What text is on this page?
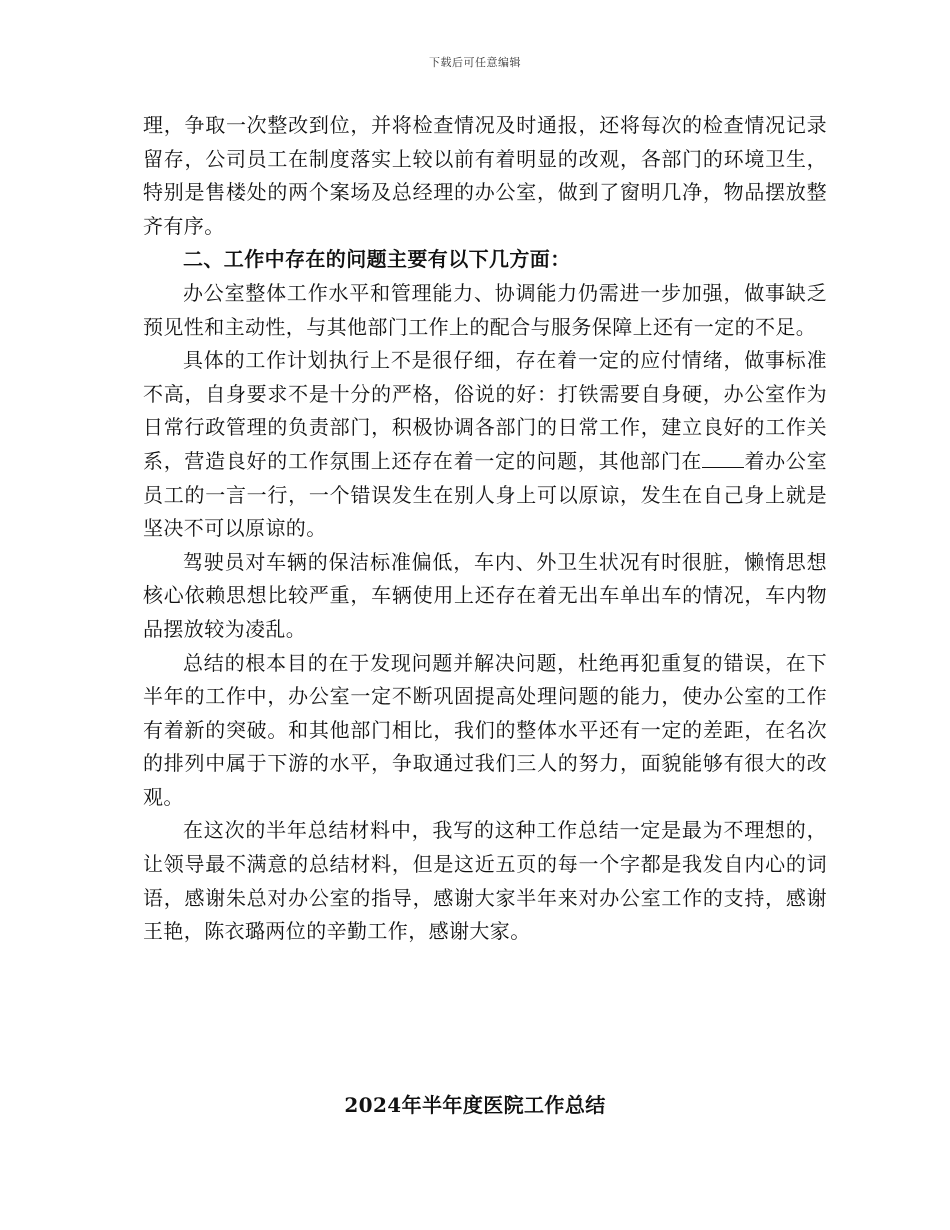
下载后可任意编辑

理，争取一次整改到位，并将检查情况及时通报，还将每次的检查情况记录留存，公司员工在制度落实上较以前有着明显的改观，各部门的环境卫生，特别是售楼处的两个案场及总经理的办公室，做到了窗明几净，物品摆放整齐有序。

二、工作中存在的问题主要有以下几方面：

办公室整体工作水平和管理能力、协调能力仍需进一步加强，做事缺乏预见性和主动性，与其他部门工作上的配合与服务保障上还有一定的不足。

具体的工作计划执行上不是很仔细，存在着一定的应付情绪，做事标准不高，自身要求不是十分的严格，俗说的好：打铁需要自身硬，办公室作为日常行政管理的负责部门，积极协调各部门的日常工作，建立良好的工作关系，营造良好的工作氛围上还存在着一定的问题，其他部门在 着办公室员工的一言一行，一个错误发生在别人身上可以原谅，发生在自己身上就是坚决不可以原谅的。

驾驶员对车辆的保洁标准偏低，车内、外卫生状况有时很脏，懒惰思想核心依赖思想比较严重，车辆使用上还存在着无出车单出车的情况，车内物品摆放较为凌乱。

总结的根本目的在于发现问题并解决问题，杜绝再犯重复的错误，在下半年的工作中，办公室一定不断巩固提高处理问题的能力，使办公室的工作有着新的突破。和其他部门相比，我们的整体水平还有一定的差距，在名次的排列中属于下游的水平，争取通过我们三人的努力，面貌能够有很大的改观。

在这次的半年总结材料中，我写的这种工作总结一定是最为不理想的，让领导最不满意的总结材料，但是这近五页的每一个字都是我发自内心的词语，感谢朱总对办公室的指导，感谢大家半年来对办公室工作的支持，感谢王艳，陈衣璐两位的辛勤工作，感谢大家。

2024年半年度医院工作总结
